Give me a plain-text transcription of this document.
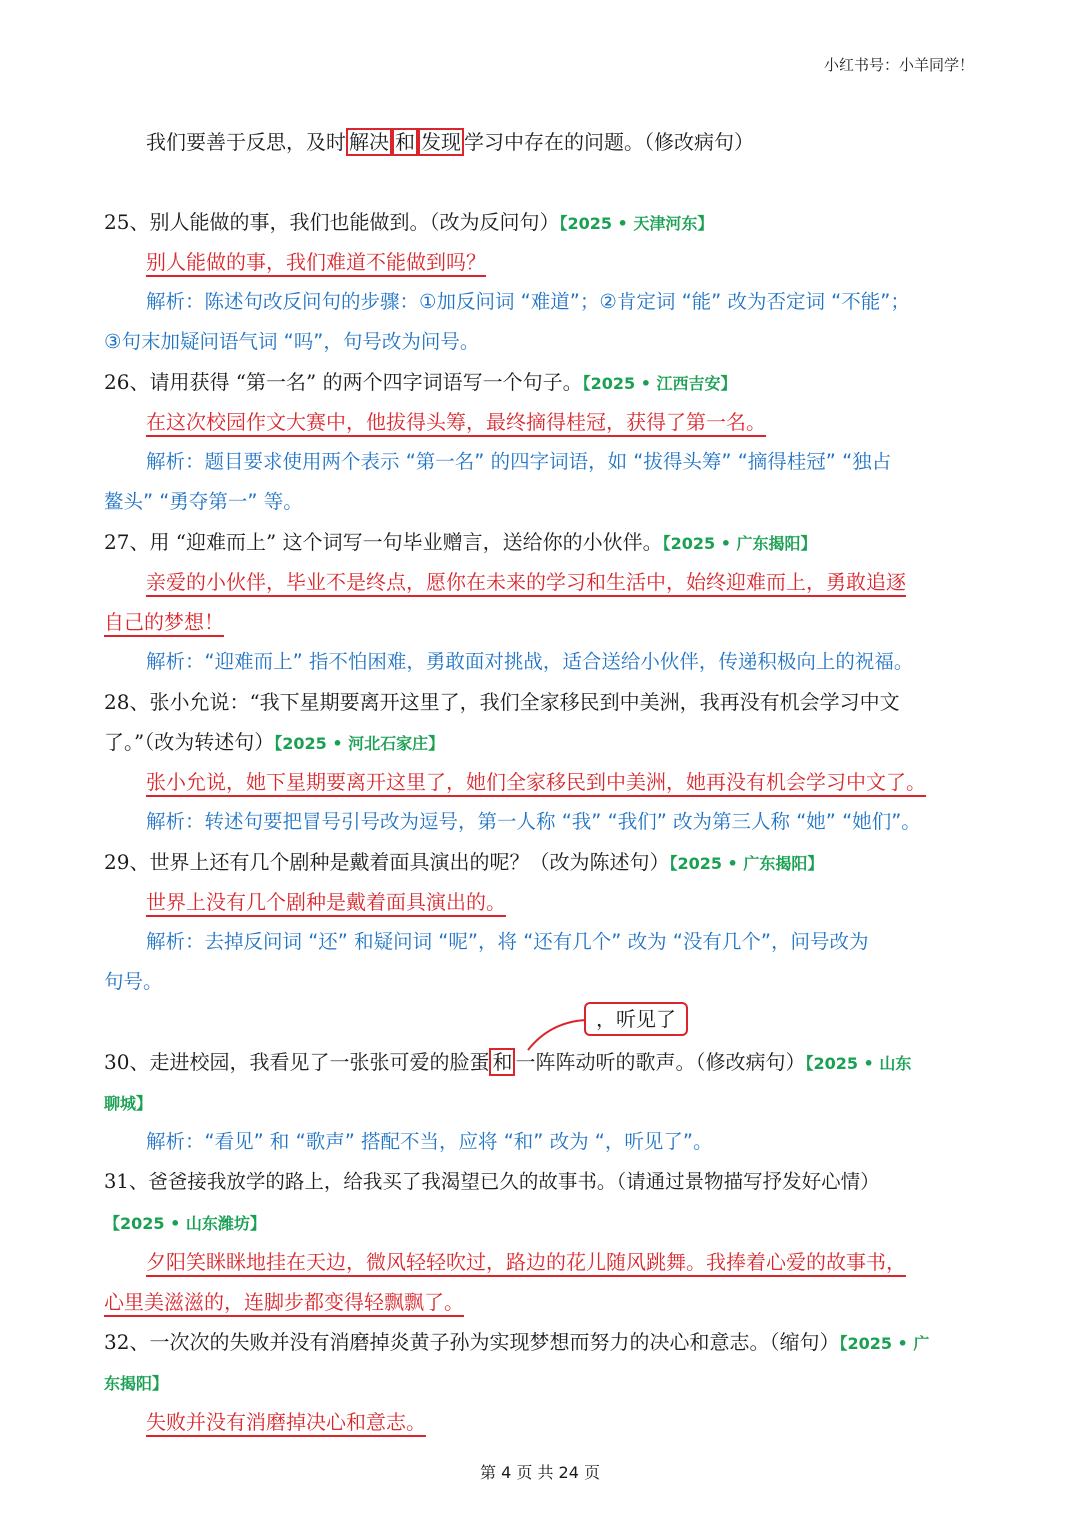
小红书号：小羊同学！
我们要善于反思，及时 解决 和 发现 学习中存在的问题。（修改病句）
25、别人能做的事，我们也能做到。（改为反问句）【2025 • 天津河东】
别人能做的事，我们难道不能做到吗？
解析：陈述句改反问句的步骤：①加反问词 “难道”；②肯定词 “能” 改为否定词 “不能”；
③句末加疑问语气词 “吗”，句号改为问号。
26、请用获得 “第一名” 的两个四字词语写一个句子。【2025 • 江西吉安】
在这次校园作文大赛中，他拔得头筹，最终摘得桂冠，获得了第一名。
解析：题目要求使用两个表示 “第一名” 的四字词语，如 “拔得头筹” “摘得桂冠” “独占
鳌头” “勇夺第一” 等。
27、用 “迎难而上” 这个词写一句毕业赠言，送给你的小伙伴。【2025 • 广东揭阳】
亲爱的小伙伴，毕业不是终点，愿你在未来的学习和生活中，始终迎难而上，勇敢追逐
自己的梦想！
解析：“迎难而上” 指不怕困难，勇敢面对挑战，适合送给小伙伴，传递积极向上的祝福。
28、张小允说：“我下星期要离开这里了，我们全家移民到中美洲，我再没有机会学习中文
了。”（改为转述句）【2025 • 河北石家庄】
张小允说，她下星期要离开这里了，她们全家移民到中美洲，她再没有机会学习中文了。
解析：转述句要把冒号引号改为逗号，第一人称 “我” “我们” 改为第三人称 “她” “她们”。
29、世界上还有几个剧种是戴着面具演出的呢？（改为陈述句）【2025 • 广东揭阳】
世界上没有几个剧种是戴着面具演出的。
解析：去掉反问词 “还” 和疑问词 “呢”，将 “还有几个” 改为 “没有几个”，问号改为
句号。
，听见了
30、走进校园，我看见了一张张可爱的脸蛋 和 一阵阵动听的歌声。（修改病句）【2025 • 山东
聊城】
解析：“看见” 和 “歌声” 搭配不当，应将 “和” 改为 “，听见了”。
31、爸爸接我放学的路上，给我买了我渴望已久的故事书。（请通过景物描写抒发好心情）
【2025 • 山东潍坊】
夕阳笑眯眯地挂在天边，微风轻轻吹过，路边的花儿随风跳舞。我捧着心爱的故事书，
心里美滋滋的，连脚步都变得轻飘飘了。
32、一次次的失败并没有消磨掉炎黄子孙为实现梦想而努力的决心和意志。（缩句）【2025 • 广
东揭阳】
失败并没有消磨掉决心和意志。
第 4 页 共 24 页
